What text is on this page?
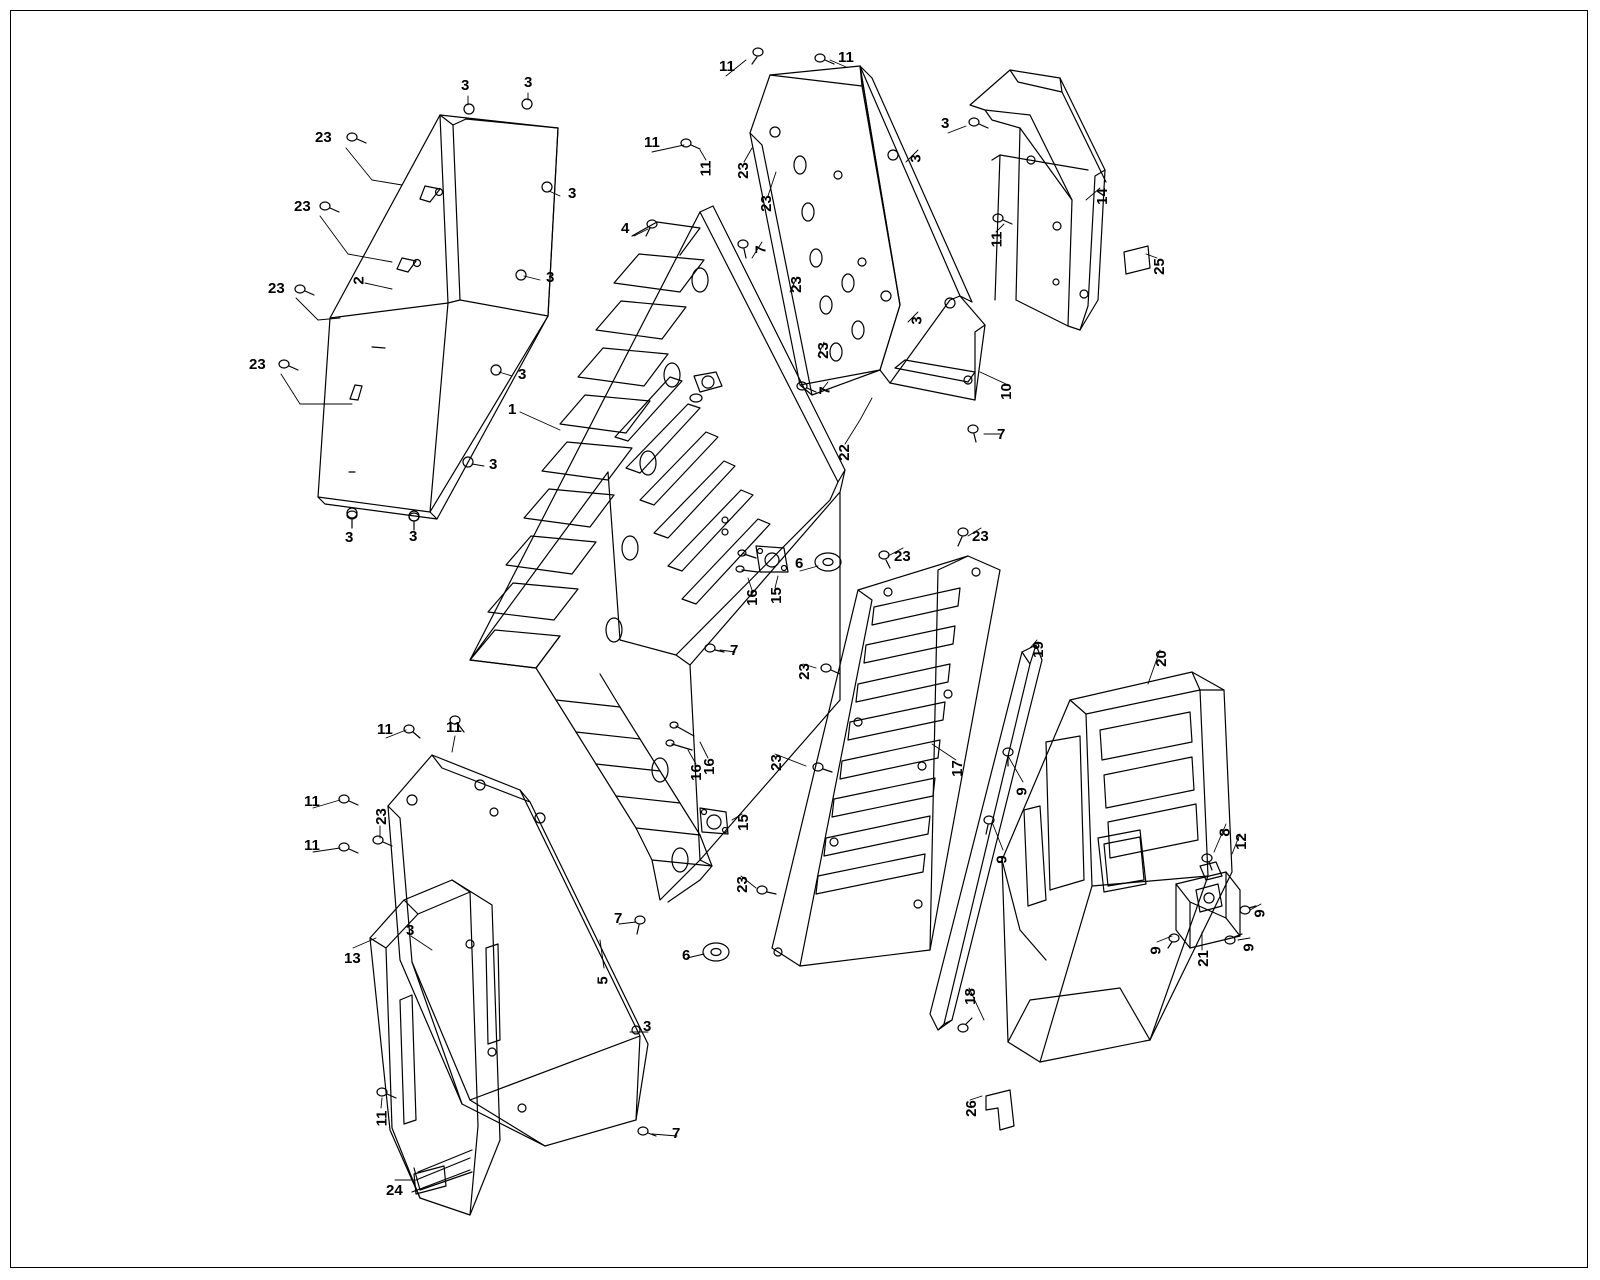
3	3
23
11
11
3
11
11 23
3
14
23
3
23
11
4
7
25
2	3
23	23
3
23
23
3
7	10
1
7
22
3
3	3	23
23
6
15
16
19
20
7
23
11	11
16
16
23	17
11
23	15
9
8
12
11
9
23
9
3
7
9	9
21
13	6
5
18
3
11
7
26
24
